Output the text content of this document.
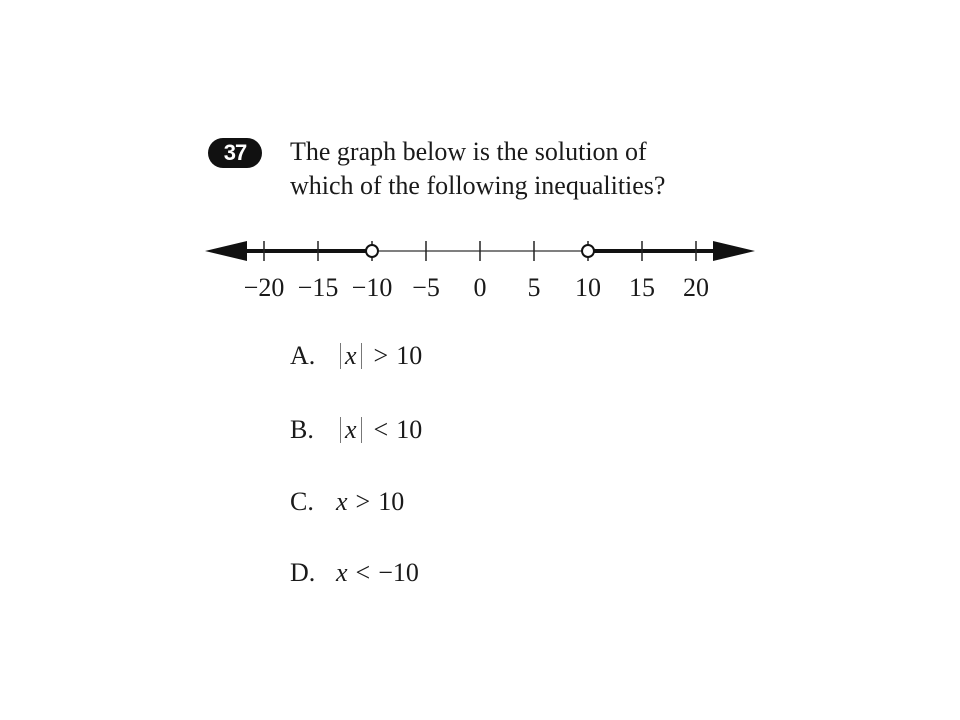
37	The graph below is the solution of
which of the following inequalities?
−20 −15 −10 −5 0 5 10 15 20
A. x > 10
B. x < 10
C. x > 10
D. x < −10
